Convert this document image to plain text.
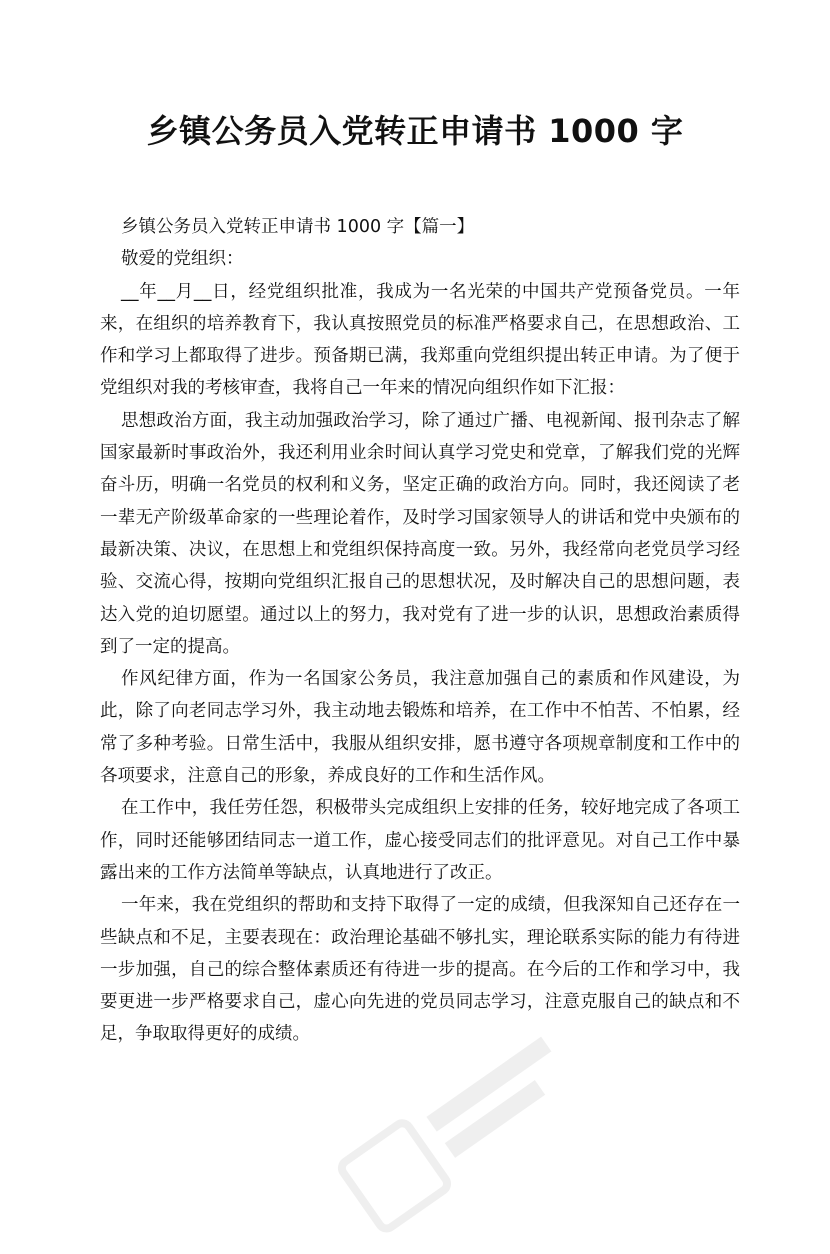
乡镇公务员入党转正申请书 1000 字

乡镇公务员入党转正申请书 1000 字【篇一】

敬爱的党组织：

__年__月__日，经党组织批准，我成为一名光荣的中国共产党预备党员。一年来，在组织的培养教育下，我认真按照党员的标准严格要求自己，在思想政治、工作和学习上都取得了进步。预备期已满，我郑重向党组织提出转正申请。为了便于党组织对我的考核审查，我将自己一年来的情况向组织作如下汇报：

思想政治方面，我主动加强政治学习，除了通过广播、电视新闻、报刊杂志了解国家最新时事政治外，我还利用业余时间认真学习党史和党章，了解我们党的光辉奋斗历，明确一名党员的权利和义务，坚定正确的政治方向。同时，我还阅读了老一辈无产阶级革命家的一些理论着作，及时学习国家领导人的讲话和党中央颁布的最新决策、决议，在思想上和党组织保持高度一致。另外，我经常向老党员学习经验、交流心得，按期向党组织汇报自己的思想状况，及时解决自己的思想问题，表达入党的迫切愿望。通过以上的努力，我对党有了进一步的认识，思想政治素质得到了一定的提高。

作风纪律方面，作为一名国家公务员，我注意加强自己的素质和作风建设，为此，除了向老同志学习外，我主动地去锻炼和培养，在工作中不怕苦、不怕累，经常了多种考验。日常生活中，我服从组织安排，愿书遵守各项规章制度和工作中的各项要求，注意自己的形象，养成良好的工作和生活作风。

在工作中，我任劳任怨，积极带头完成组织上安排的任务，较好地完成了各项工作，同时还能够团结同志一道工作，虚心接受同志们的批评意见。对自己工作中暴露出来的工作方法简单等缺点，认真地进行了改正。

一年来，我在党组织的帮助和支持下取得了一定的成绩，但我深知自己还存在一些缺点和不足，主要表现在：政治理论基础不够扎实，理论联系实际的能力有待进一步加强，自己的综合整体素质还有待进一步的提高。在今后的工作和学习中，我要更进一步严格要求自己，虚心向先进的党员同志学习，注意克服自己的缺点和不足，争取取得更好的成绩。
